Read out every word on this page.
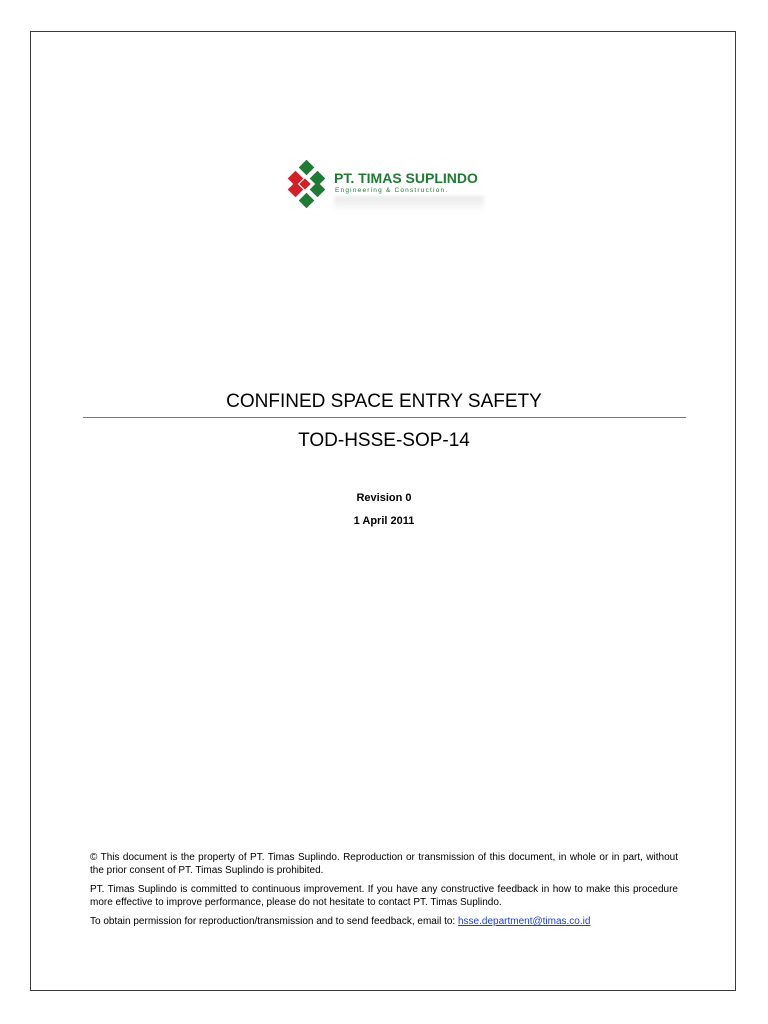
PT. TIMAS SUPLINDO
Engineering & Construction.
CONFINED SPACE ENTRY SAFETY
TOD-HSSE-SOP-14
Revision 0
1 April 2011

© This document is the property of PT. Timas Suplindo. Reproduction or transmission of this document, in whole or in part, without the prior consent of PT. Timas Suplindo is prohibited.

PT. Timas Suplindo is committed to continuous improvement. If you have any constructive feedback in how to make this procedure more effective to improve performance, please do not hesitate to contact PT. Timas Suplindo.

To obtain permission for reproduction/transmission and to send feedback, email to: hsse.department@timas.co.id
